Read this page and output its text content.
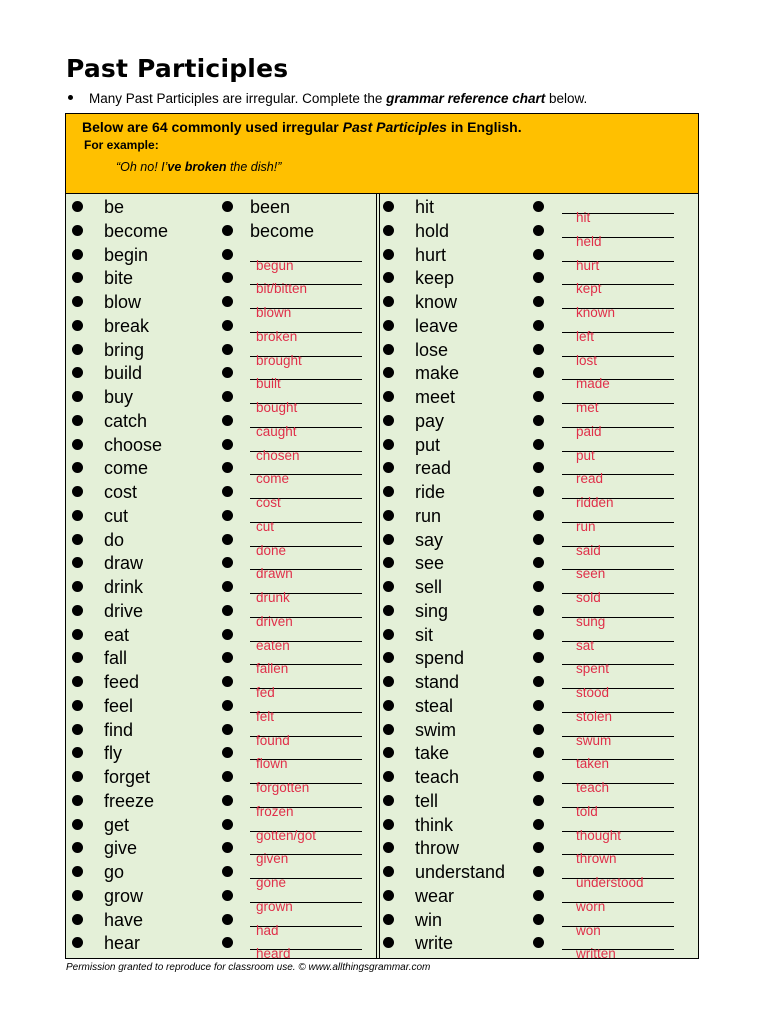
Past Participles
Many Past Participles are irregular. Complete the grammar reference chart below.
Below are 64 commonly used irregular Past Participles in English.
For example:
“Oh no! I’ve broken the dish!”
be	been
become	become
begin
begun
bite
bit/bitten
blow
blown
break
broken
bring
brought
build
built
buy
bought
catch
caught
choose
chosen
come
come
cost
cost
cut
cut
do
done
draw
drawn
drink
drunk
drive
driven
eat
eaten
fall
fallen
feed
fed
feel
felt
find
found
fly
flown
forget
forgotten
freeze
frozen
get
gotten/got
give
given
go
gone
grow
grown
have
had
hear
heard
hit
hit
hold
held
hurt
hurt
keep
kept
know
known
leave
left
lose
lost
make
made
meet
met
pay
paid
put
put
read
read
ride
ridden
run
run
say
said
see
seen
sell
sold
sing
sung
sit
sat
spend
spent
stand
stood
steal
stolen
swim
swum
take
taken
teach
teach
tell
told
think
thought
throw
thrown
understand
understood
wear
worn
win
won
write
written
Permission granted to reproduce for classroom use. © www.allthingsgrammar.com
